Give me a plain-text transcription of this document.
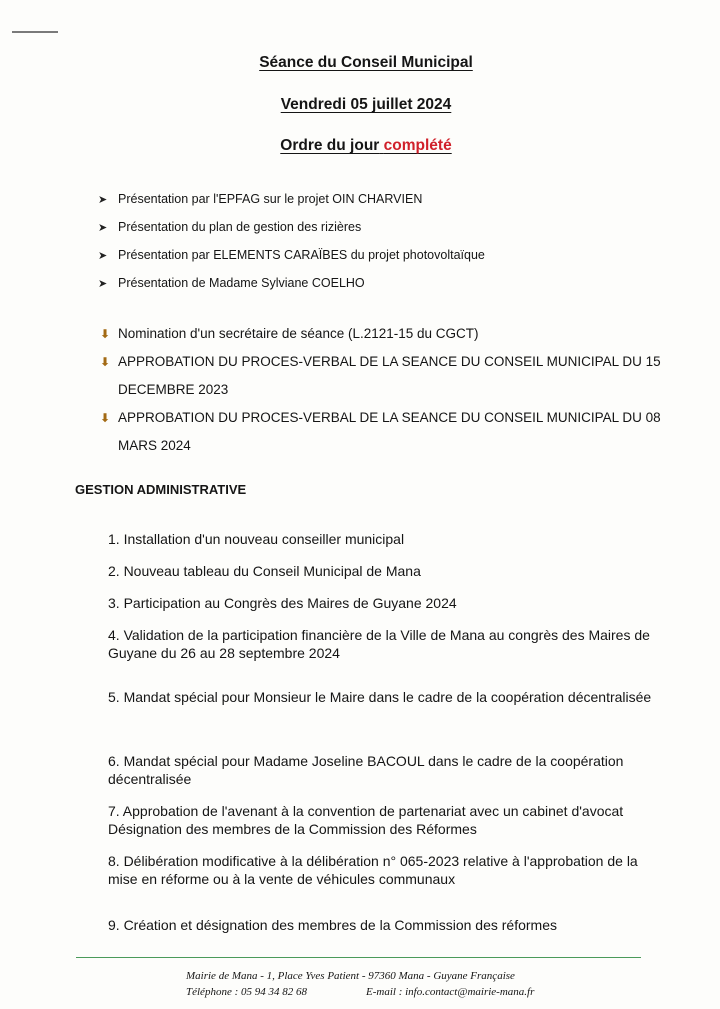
Séance du Conseil Municipal
Vendredi 05 juillet 2024
Ordre du jour complété
➤ Présentation par l'EPFAG sur le projet OIN CHARVIEN
➤ Présentation du plan de gestion des rizières
➤ Présentation par ELEMENTS CARAÏBES du projet photovoltaïque
➤ Présentation de Madame Sylviane COELHO
⬇ Nomination d'un secrétaire de séance (L.2121-15 du CGCT)
⬇ APPROBATION DU PROCES-VERBAL DE LA SEANCE DU CONSEIL MUNICIPAL DU 15 DECEMBRE 2023
⬇ APPROBATION DU PROCES-VERBAL DE LA SEANCE DU CONSEIL MUNICIPAL DU 08 MARS 2024
GESTION ADMINISTRATIVE
1. Installation d'un nouveau conseiller municipal
2. Nouveau tableau du Conseil Municipal de Mana
3. Participation au Congrès des Maires de Guyane 2024
4. Validation de la participation financière de la Ville de Mana au congrès des Maires de Guyane du 26 au 28 septembre 2024
5. Mandat spécial pour Monsieur le Maire dans le cadre de la coopération décentralisée
6. Mandat spécial pour Madame Joseline BACOUL dans le cadre de la coopération décentralisée
7. Approbation de l'avenant à la convention de partenariat avec un cabinet d'avocat Désignation des membres de la Commission des Réformes
8. Délibération modificative à la délibération n° 065-2023 relative à l'approbation de la mise en réforme ou à la vente de véhicules communaux
9. Création et désignation des membres de la Commission des réformes
Mairie de Mana - 1, Place Yves Patient - 97360 Mana - Guyane Française
Téléphone : 05 94 34 82 68	E-mail : info.contact@mairie-mana.fr
